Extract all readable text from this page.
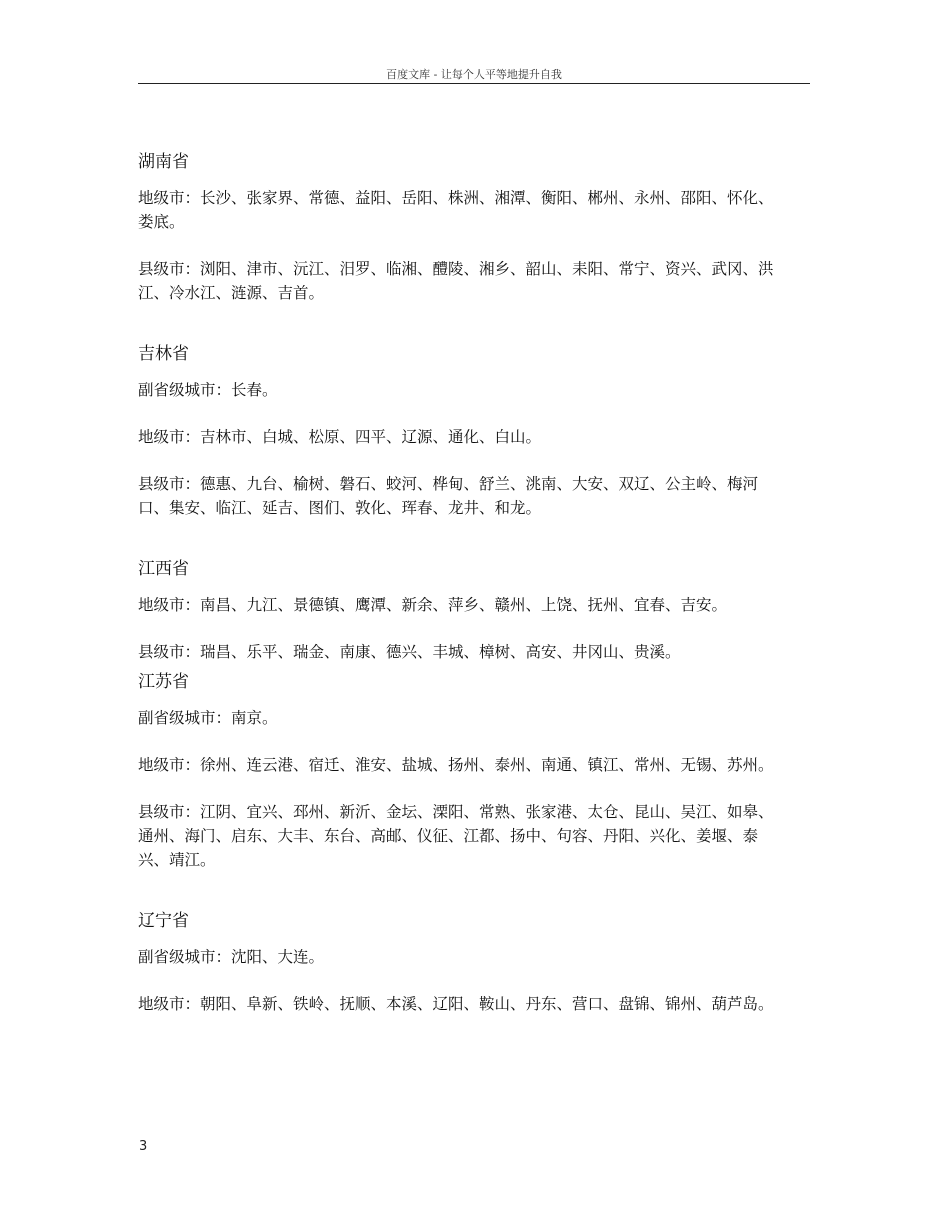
百度文库 - 让每个人平等地提升自我
湖南省

地级市：长沙、张家界、常德、益阳、岳阳、株洲、湘潭、衡阳、郴州、永州、邵阳、怀化、娄底。

县级市：浏阳、津市、沅江、汨罗、临湘、醴陵、湘乡、韶山、耒阳、常宁、资兴、武冈、洪江、冷水江、涟源、吉首。

吉林省

副省级城市：长春。

地级市：吉林市、白城、松原、四平、辽源、通化、白山。

县级市：德惠、九台、榆树、磐石、蛟河、桦甸、舒兰、洮南、大安、双辽、公主岭、梅河口、集安、临江、延吉、图们、敦化、珲春、龙井、和龙。

江西省

地级市：南昌、九江、景德镇、鹰潭、新余、萍乡、赣州、上饶、抚州、宜春、吉安。

县级市：瑞昌、乐平、瑞金、南康、德兴、丰城、樟树、高安、井冈山、贵溪。

江苏省

副省级城市：南京。

地级市：徐州、连云港、宿迁、淮安、盐城、扬州、泰州、南通、镇江、常州、无锡、苏州。

县级市：江阴、宜兴、邳州、新沂、金坛、溧阳、常熟、张家港、太仓、昆山、吴江、如皋、通州、海门、启东、大丰、东台、高邮、仪征、江都、扬中、句容、丹阳、兴化、姜堰、泰兴、靖江。

辽宁省

副省级城市：沈阳、大连。

地级市：朝阳、阜新、铁岭、抚顺、本溪、辽阳、鞍山、丹东、营口、盘锦、锦州、葫芦岛。

3
